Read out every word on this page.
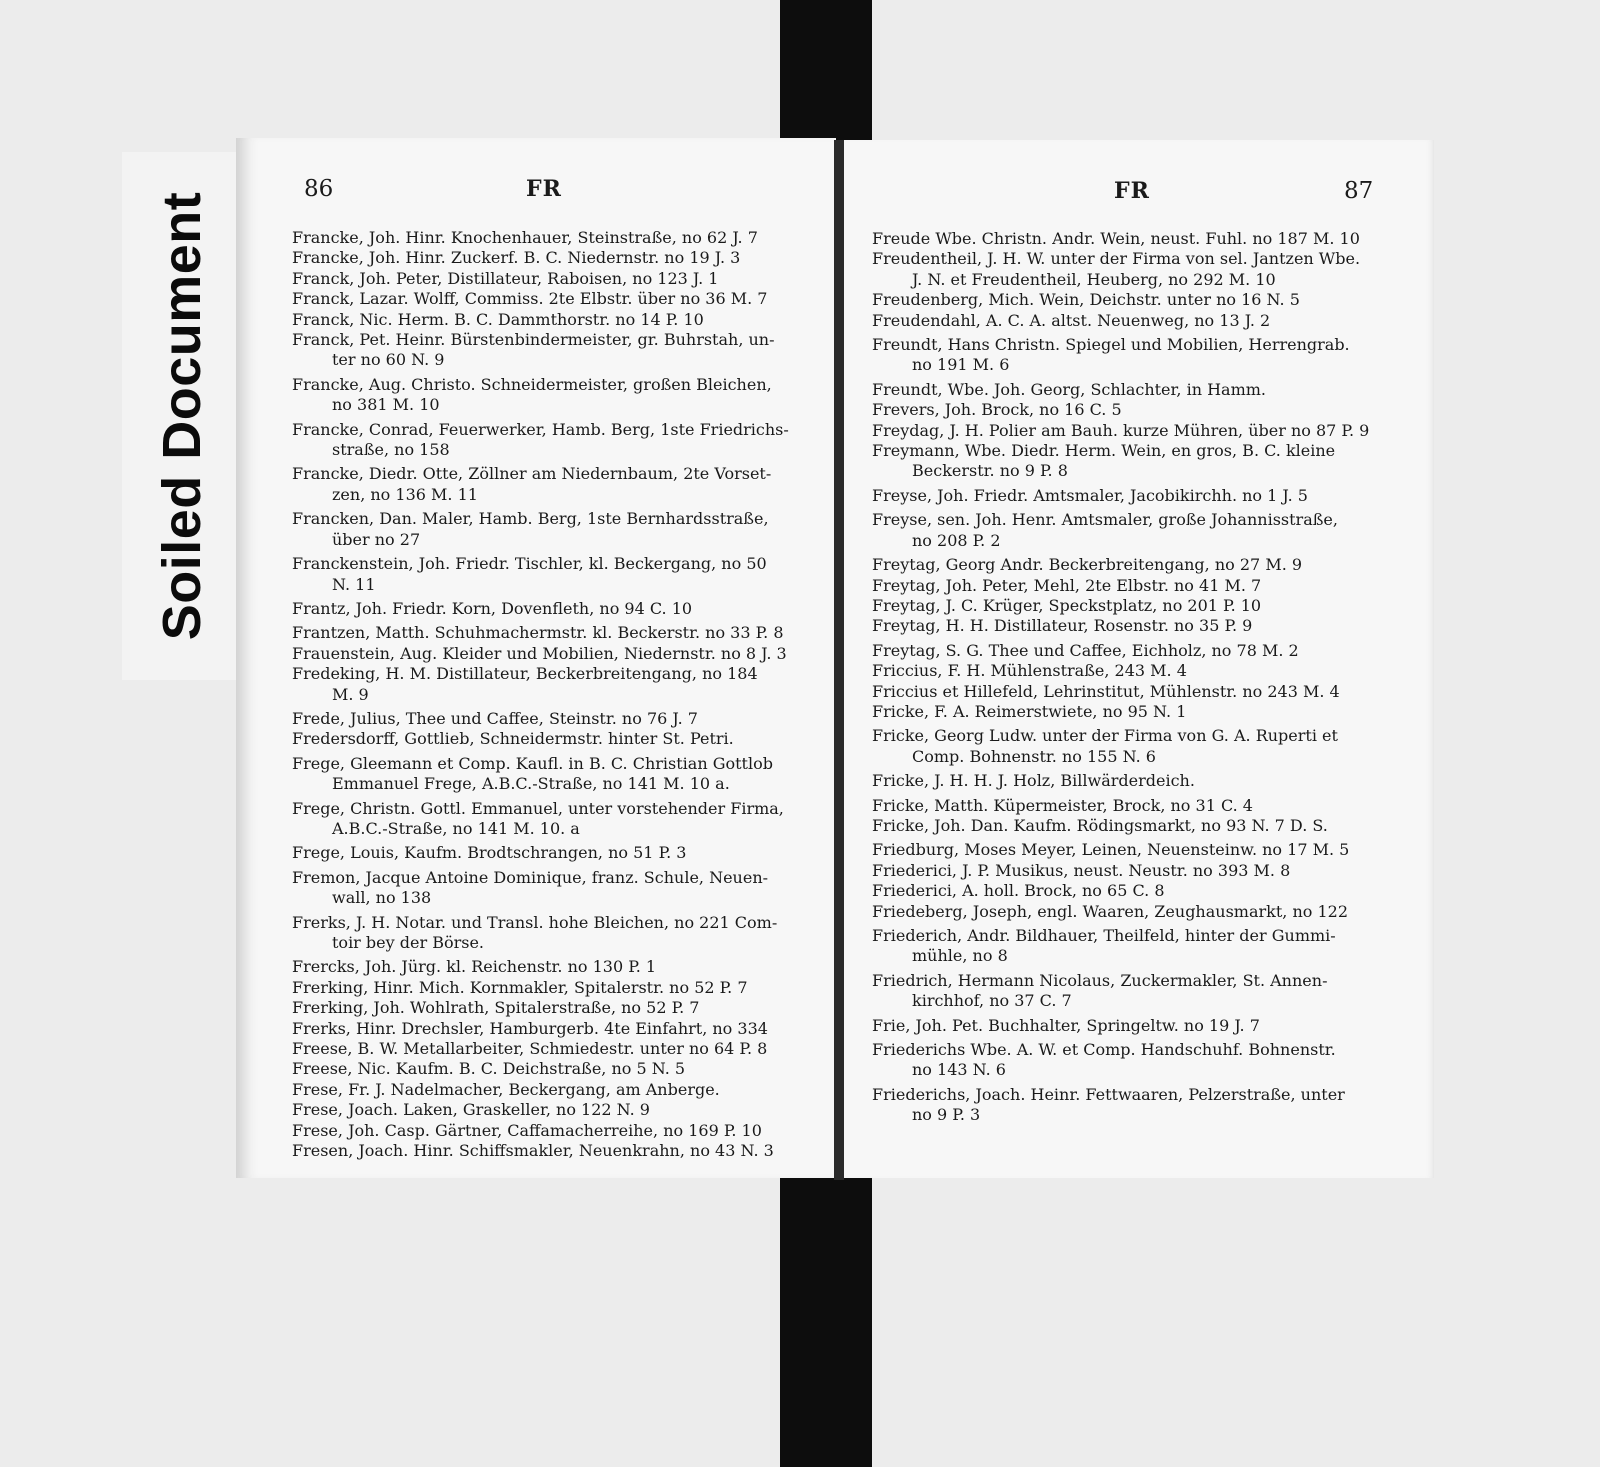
Soiled Document
86	FR
Francke, Joh. Hinr. Knochenhauer, Steinstraße, no 62 J. 7
Francke, Joh. Hinr. Zuckerf. B. C. Niedernstr. no 19 J. 3
Franck, Joh. Peter, Distillateur, Raboisen, no 123 J. 1
Franck, Lazar. Wolff, Commiss. 2te Elbstr. über no 36 M. 7
Franck, Nic. Herm. B. C. Dammthorstr. no 14 P. 10
Franck, Pet. Heinr. Bürstenbindermeister, gr. Buhrstah, un-
ter no 60 N. 9
Francke, Aug. Christo. Schneidermeister, großen Bleichen,
no 381 M. 10
Francke, Conrad, Feuerwerker, Hamb. Berg, 1ste Friedrichs-
straße, no 158
Francke, Diedr. Otte, Zöllner am Niedernbaum, 2te Vorset-
zen, no 136 M. 11
Francken, Dan. Maler, Hamb. Berg, 1ste Bernhardsstraße,
über no 27
Franckenstein, Joh. Friedr. Tischler, kl. Beckergang, no 50
N. 11
Frantz, Joh. Friedr. Korn, Dovenfleth, no 94 C. 10
Frantzen, Matth. Schuhmachermstr. kl. Beckerstr. no 33 P. 8
Frauenstein, Aug. Kleider und Mobilien, Niedernstr. no 8 J. 3
Fredeking, H. M. Distillateur, Beckerbreitengang, no 184
M. 9
Frede, Julius, Thee und Caffee, Steinstr. no 76 J. 7
Fredersdorff, Gottlieb, Schneidermstr. hinter St. Petri.
Frege, Gleemann et Comp. Kaufl. in B. C. Christian Gottlob
Emmanuel Frege, A.B.C.-Straße, no 141 M. 10 a.
Frege, Christn. Gottl. Emmanuel, unter vorstehender Firma,
A.B.C.-Straße, no 141 M. 10. a
Frege, Louis, Kaufm. Brodtschrangen, no 51 P. 3
Fremon, Jacque Antoine Dominique, franz. Schule, Neuen-
wall, no 138
Frerks, J. H. Notar. und Transl. hohe Bleichen, no 221 Com-
toir bey der Börse.
Frercks, Joh. Jürg. kl. Reichenstr. no 130 P. 1
Frerking, Hinr. Mich. Kornmakler, Spitalerstr. no 52 P. 7
Frerking, Joh. Wohlrath, Spitalerstraße, no 52 P. 7
Frerks, Hinr. Drechsler, Hamburgerb. 4te Einfahrt, no 334
Freese, B. W. Metallarbeiter, Schmiedestr. unter no 64 P. 8
Freese, Nic. Kaufm. B. C. Deichstraße, no 5 N. 5
Frese, Fr. J. Nadelmacher, Beckergang, am Anberge.
Frese, Joach. Laken, Graskeller, no 122 N. 9
Frese, Joh. Casp. Gärtner, Caffamacherreihe, no 169 P. 10
Fresen, Joach. Hinr. Schiffsmakler, Neuenkrahn, no 43 N. 3
FR	87
Freude Wbe. Christn. Andr. Wein, neust. Fuhl. no 187 M. 10
Freudentheil, J. H. W. unter der Firma von sel. Jantzen Wbe.
J. N. et Freudentheil, Heuberg, no 292 M. 10
Freudenberg, Mich. Wein, Deichstr. unter no 16 N. 5
Freudendahl, A. C. A. altst. Neuenweg, no 13 J. 2
Freundt, Hans Christn. Spiegel und Mobilien, Herrengrab.
no 191 M. 6
Freundt, Wbe. Joh. Georg, Schlachter, in Hamm.
Frevers, Joh. Brock, no 16 C. 5
Freydag, J. H. Polier am Bauh. kurze Mühren, über no 87 P. 9
Freymann, Wbe. Diedr. Herm. Wein, en gros, B. C. kleine
Beckerstr. no 9 P. 8
Freyse, Joh. Friedr. Amtsmaler, Jacobikirchh. no 1 J. 5
Freyse, sen. Joh. Henr. Amtsmaler, große Johannisstraße,
no 208 P. 2
Freytag, Georg Andr. Beckerbreitengang, no 27 M. 9
Freytag, Joh. Peter, Mehl, 2te Elbstr. no 41 M. 7
Freytag, J. C. Krüger, Speckstplatz, no 201 P. 10
Freytag, H. H. Distillateur, Rosenstr. no 35 P. 9
Freytag, S. G. Thee und Caffee, Eichholz, no 78 M. 2
Friccius, F. H. Mühlenstraße, 243 M. 4
Friccius et Hillefeld, Lehrinstitut, Mühlenstr. no 243 M. 4
Fricke, F. A. Reimerstwiete, no 95 N. 1
Fricke, Georg Ludw. unter der Firma von G. A. Ruperti et
Comp. Bohnenstr. no 155 N. 6
Fricke, J. H. H. J. Holz, Billwärderdeich.
Fricke, Matth. Küpermeister, Brock, no 31 C. 4
Fricke, Joh. Dan. Kaufm. Rödingsmarkt, no 93 N. 7 D. S.
Friedburg, Moses Meyer, Leinen, Neuensteinw. no 17 M. 5
Friederici, J. P. Musikus, neust. Neustr. no 393 M. 8
Friederici, A. holl. Brock, no 65 C. 8
Friedeberg, Joseph, engl. Waaren, Zeughausmarkt, no 122
Friederich, Andr. Bildhauer, Theilfeld, hinter der Gummi-
mühle, no 8
Friedrich, Hermann Nicolaus, Zuckermakler, St. Annen-
kirchhof, no 37 C. 7
Frie, Joh. Pet. Buchhalter, Springeltw. no 19 J. 7
Friederichs Wbe. A. W. et Comp. Handschuhf. Bohnenstr.
no 143 N. 6
Friederichs, Joach. Heinr. Fettwaaren, Pelzerstraße, unter
no 9 P. 3
